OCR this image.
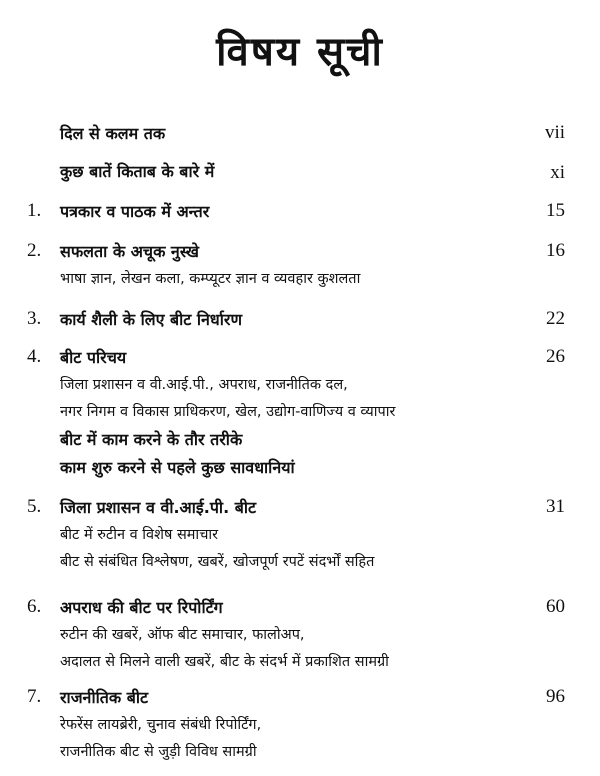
विषय सूची
दिल से कलम तक	vii
कुछ बातें किताब के बारे में	xi
1. पत्रकार व पाठक में अन्तर	15
2. सफलता के अचूक नुस्खे	16
भाषा ज्ञान, लेखन कला, कम्प्यूटर ज्ञान व व्यवहार कुशलता
3. कार्य शैली के लिए बीट निर्धारण	22
4. बीट परिचय	26
जिला प्रशासन व वी.आई.पी., अपराध, राजनीतिक दल,
नगर निगम व विकास प्राधिकरण, खेल, उद्योग-वाणिज्य व व्यापार
बीट में काम करने के तौर तरीके
काम शुरु करने से पहले कुछ सावधानियां
5. जिला प्रशासन व वी.आई.पी. बीट	31
बीट में रुटीन व विशेष समाचार
बीट से संबंधित विश्लेषण, खबरें, खोजपूर्ण रपटें संदर्भों सहित
6. अपराध की बीट पर रिपोर्टिंग	60
रुटीन की खबरें, ऑफ बीट समाचार, फालोअप,
अदालत से मिलने वाली खबरें, बीट के संदर्भ में प्रकाशित सामग्री
7. राजनीतिक बीट	96
रेफरेंस लायब्रेरी, चुनाव संबंधी रिपोर्टिंग,
राजनीतिक बीट से जुड़ी विविध सामग्री
